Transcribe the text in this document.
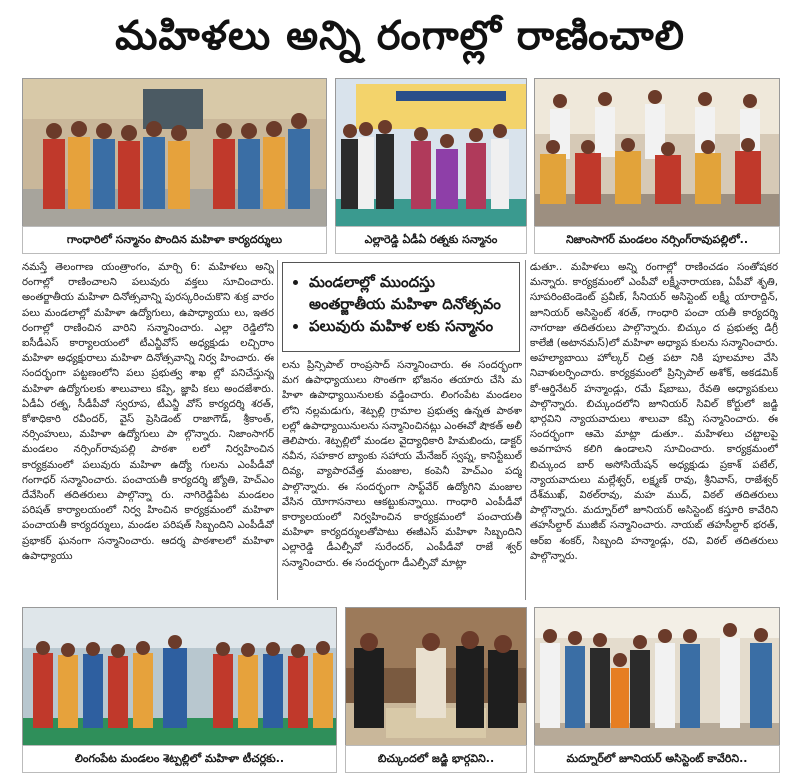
మహిళలు అన్ని రంగాల్లో రాణించాలి
గాంధారిలో సన్మానం పొందిన మహిళా కార్యదర్శులు	ఎల్లారెడ్డి ఏడీఏ రత్నకు సన్మానం	నిజాంసాగర్ మండలం నర్సింగ్‌రావుపల్లిలో..

నమస్తే తెలంగాణ యంత్రాంగం, మార్చి 6: మహిళలు అన్ని రంగాల్లో రాణించాలని పలువురు వక్తలు సూచించారు. అంతర్జాతీయ మహిళా దినోత్సవాన్ని పురస్కరించుకొని శుక్ర వారం పలు మండలాల్లో మహిళా ఉద్యోగులు, ఉపాధ్యాయు లు, ఇతర రంగాల్లో రాణించిన వారిని సన్మానించారు. ఎల్లా రెడ్డిలోని ఐసీడీఎస్ కార్యాలయంలో టీఎన్జీవోస్ అధ్యక్షుడు లచ్చిరాం మహిళా అధ్యక్షురాలు మహిళా దినోత్సవాన్ని నిర్వ హించారు. ఈ సందర్భంగా పట్టణంలోని పలు ప్రభుత్వ శాఖ ల్లో పనిచేస్తున్న మహిళా ఉద్యోగులకు శాలువాలు కప్పి, జ్ఞాపి కలు అందజేశారు. ఏడీఏ రత్న, సీడీపీవో స్వరూప, టీఎన్జీ వోస్ కార్యదర్శి శరత్, కోశాధికారి రవీందర్, వైస్ ప్రెసిడెంట్ రాజాగౌడ్, శ్రీకాంత్, నర్సింహులు, మహిళా ఉద్యోగులు పా ల్గొన్నారు. నిజాంసాగర్ మండలం నర్సింగ్‌రావుపల్లి పాఠశా లలో నిర్వహించిన కార్యక్రమంలో పలువురు మహిళా ఉద్యో గులను ఎంపీడీవో గంగాధర్ సన్మానించారు. పంచాయతీ కార్యదర్శి జ్యోతి, హెచ్‌ఎం దేవేసింగ్ తదితరులు పాల్గొన్నా రు. నాగిరెడ్డిపేట మండలం పరిషత్ కార్యాలయంలో నిర్వ హించిన కార్యక్రమంలో మహిళా పంచాయతీ కార్యదర్శులు, మండల పరిషత్ సిబ్బందిని ఎంపీడీవో ప్రభాకర్ ఘనంగా సన్మానించారు. ఆదర్శ పాఠశాలలో మహిళా ఉపాధ్యాయు

• మండలాల్లో ముందస్తు అంతర్జాతీయ మహిళా దినోత్సవం
• పలువురు మహిళ లకు సన్మానం

లను ప్రిన్సిపాల్ రాంప్రసాద్ సన్మానించారు. ఈ సందర్భంగా మగ ఉపాధ్యాయులు సొంతగా భోజనం తయారు చేసి మ హిళా ఉపాధ్యాయినులకు వడ్డించారు. లింగంపేట మండలం లోని నల్లమడుగు, శెట్పల్లి గ్రామాల ప్రభుత్వ ఉన్నత పాఠశా లల్లో ఉపాధ్యాయినులను సన్మానించినట్లు ఎంఈవో షౌకత్ అలీ తెలిపారు. శెట్పల్లిలో మండల వైద్యాధికారి హిమబిందు, డాక్టర్ నవీన, సహకార బ్యాంకు సహాయ మేనేజర్ స్వప్న, కానిస్టేబుల్ దివ్య, వ్యాపారవేత్త మంజుల, కంపెనీ హెచ్‌ఎం పద్మ పాల్గొన్నారు. ఈ సందర్భంగా సాఫ్ట్‌వేర్ ఉద్యోగిని మంజుల వేసిన యోగాసనాలు ఆకట్టుకున్నాయి. గాంధారి ఎంపీడీవో కార్యాలయంలో నిర్వహించిన కార్యక్రమంలో పంచాయతీ మహిళా కార్యదర్శులతోపాటు ఈజీఎస్ మహిళా సిబ్బందిని ఎల్లారెడ్డి డీఎల్పీవో సురేందర్, ఎంపీడీవో రాజే శ్వర్ సన్మానించారు. ఈ సందర్భంగా డీఎల్పీవో మాట్లా

డుతూ.. మహిళలు అన్ని రంగాల్లో రాణించడం సంతోషకర మన్నారు. కార్యక్రమంలో ఎంపీవో లక్ష్మీనారాయణ, ఏపీవో శృతి, సూపరింటెండెంట్ ప్రవీణ్, సీనియర్ అసిస్టెంట్ లక్ష్మీ యారాద్దిన్, జూనియర్ అసిస్టెంట్ శరత్, గాంధారి పంచా యతీ కార్యదర్శి నాగరాజు తదితరులు పాల్గొన్నారు. బిచ్కుం ద ప్రభుత్వ డిగ్రీ కాలేజీ (అటానమస్)లో మహిళా అధ్యాప కులను సన్మానించారు. అహల్యాబాయి హోల్కర్ చిత్ర పటా నికి పూలమాల వేసి నివాళులర్పించారు. కార్యక్రమంలో ప్రిన్సిపాల్ అశోక్, అకడమిక్ కో-ఆర్డినేటర్ హన్మాండ్లు, రమే ష్‌బాబు, రేవతి అధ్యాపకులు పాల్గొన్నారు. బిచ్కుందలోని జూనియర్ సివిల్ కోర్టులో జడ్జి భార్గవిని న్యాయవాదులు శాలువా కప్పి సన్మానించారు. ఈ సందర్భంగా ఆమె మాట్లా డుతూ.. మహిళలు చట్టాలపై అవగాహన కలిగి ఉండాలని సూచించారు. కార్యక్రమంలో బిచ్కుంద బార్ అసోసియేషన్ అధ్యక్షుడు ప్రకాశ్ పటేల్, న్యాయవాదులు మల్లేశ్వర్, లక్ష్మణ్ రావు, శ్రీనివాస్, రాజేశ్వర్ దేశ్‌ముఖ్, విఠల్‌రావు, మహ ముద్, విఠల్ తదితరులు పాల్గొన్నారు. మద్నూర్‌లో జూనియర్ అసిస్టెంట్ కస్తూరి కావేరిని తహసీల్దార్ ముజీబ్ సన్మానించారు. నాయబ్ తహసీల్దార్ భరత్, ఆర్‌ఐ శంకర్, సిబ్బంది హన్మాండ్లు, రవి, విఠల్ తదితరులు పాల్గొన్నారు.

లింగంపేట మండలం శెట్పల్లిలో మహిళా టీచర్లకు..	బిచ్కుందలో జడ్జి భార్గవిని..	మద్నూర్‌లో జూనియర్ అసిస్టెంట్ కావేరిని..
